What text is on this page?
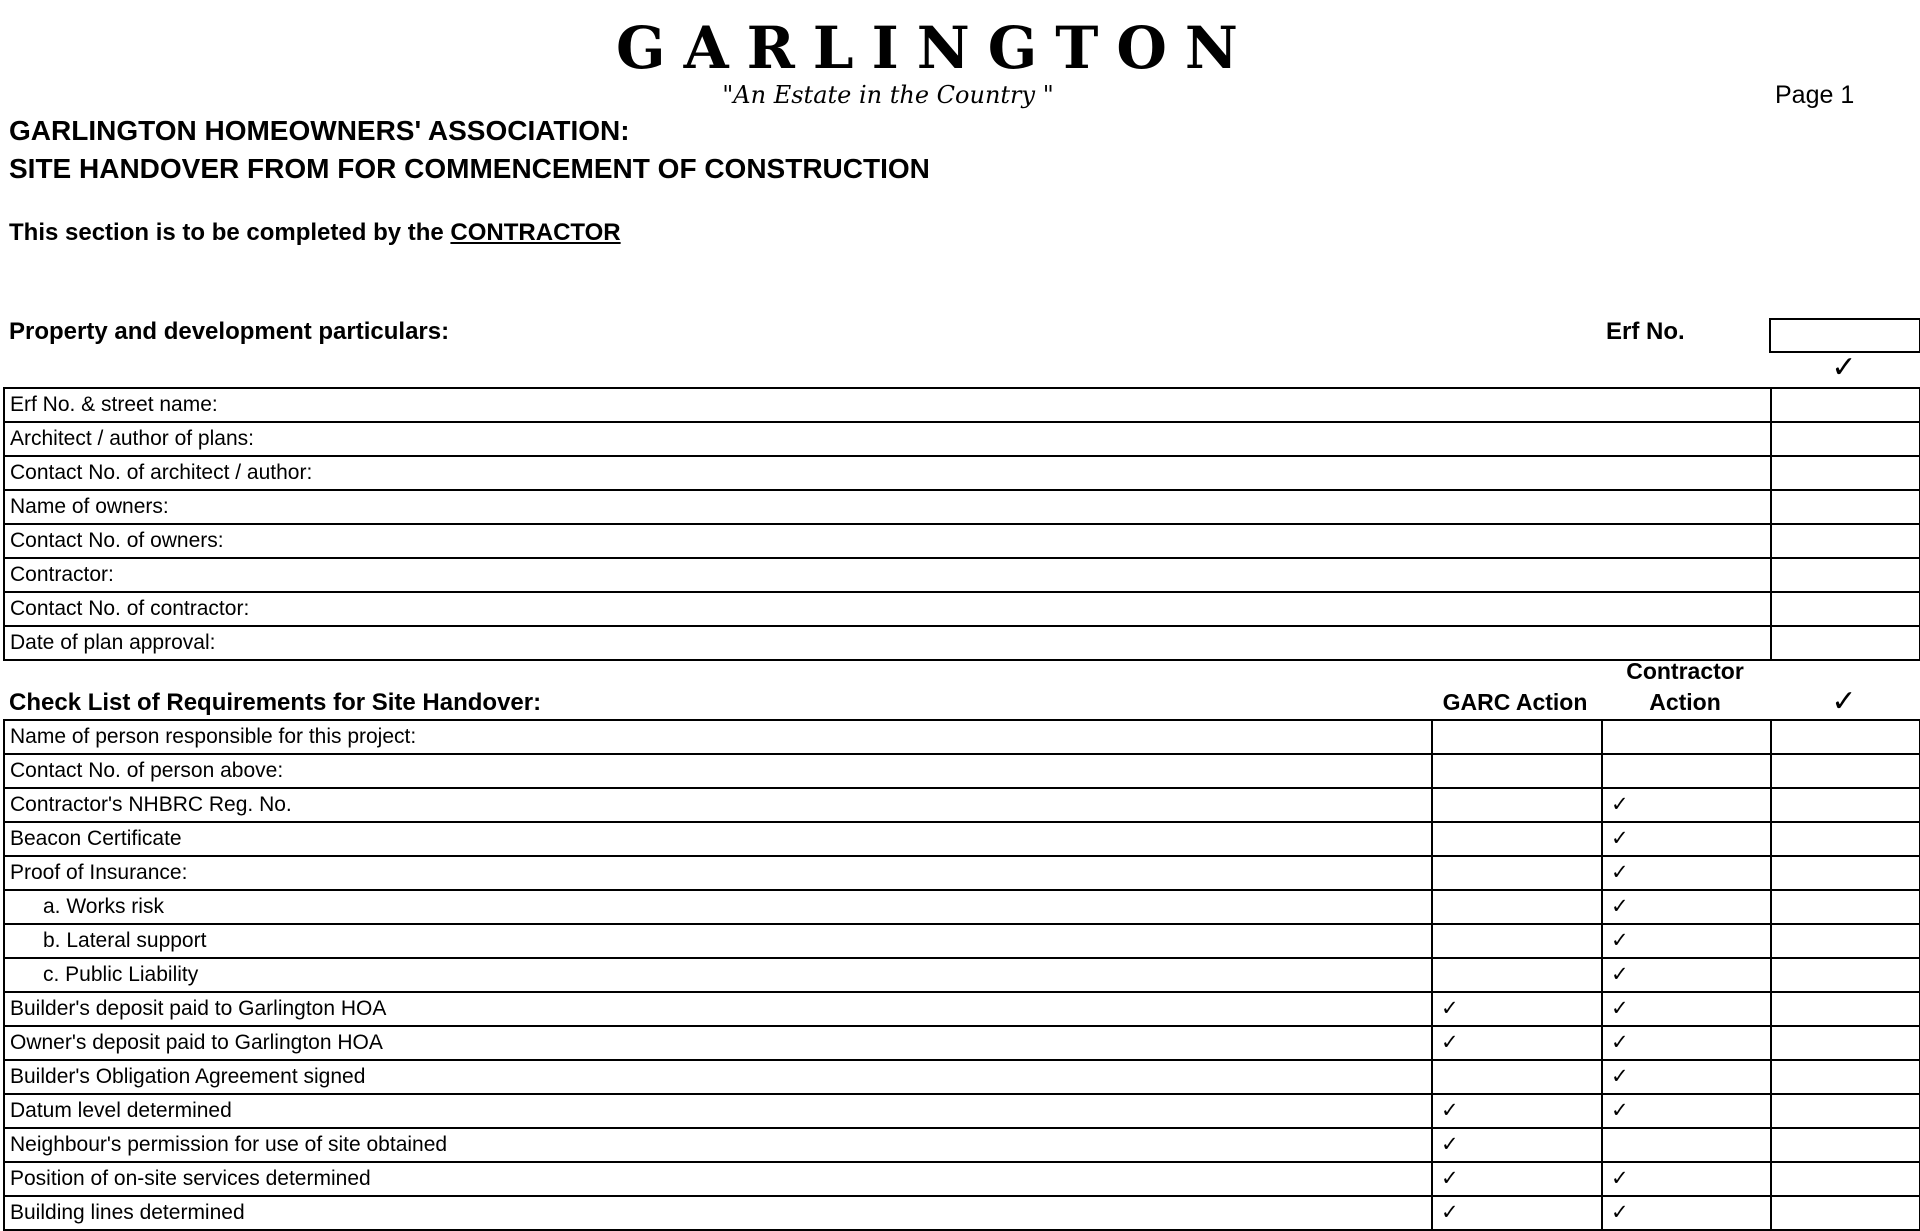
GARLINGTON
"An Estate in the Country "	Page 1
GARLINGTON HOMEOWNERS' ASSOCIATION:
SITE HANDOVER FROM FOR COMMENCEMENT OF CONSTRUCTION
This section is to be completed by the CONTRACTOR
Property and development particulars:	Erf No.
✓
Erf No. & street name:	
Architect / author of plans:	
Contact No. of architect / author:	
Name of owners:	
Contact No. of owners:	
Contractor:	
Contact No. of contractor:	
Date of plan approval:	
Check List of Requirements for Site Handover:	GARC Action
Contractor
Action	✓
Name of person responsible for this project:			
Contact No. of person above:			
Contractor's NHBRC Reg. No.		✓	
Beacon Certificate		✓	
Proof of Insurance:		✓	
a. Works risk		✓	
b. Lateral support		✓	
c. Public Liability		✓	
Builder's deposit paid to Garlington HOA	✓	✓	
Owner's deposit paid to Garlington HOA	✓	✓	
Builder's Obligation Agreement signed		✓	
Datum level determined	✓	✓	
Neighbour's permission for use of site obtained	✓		
Position of on-site services determined	✓	✓	
Building lines determined	✓	✓	
